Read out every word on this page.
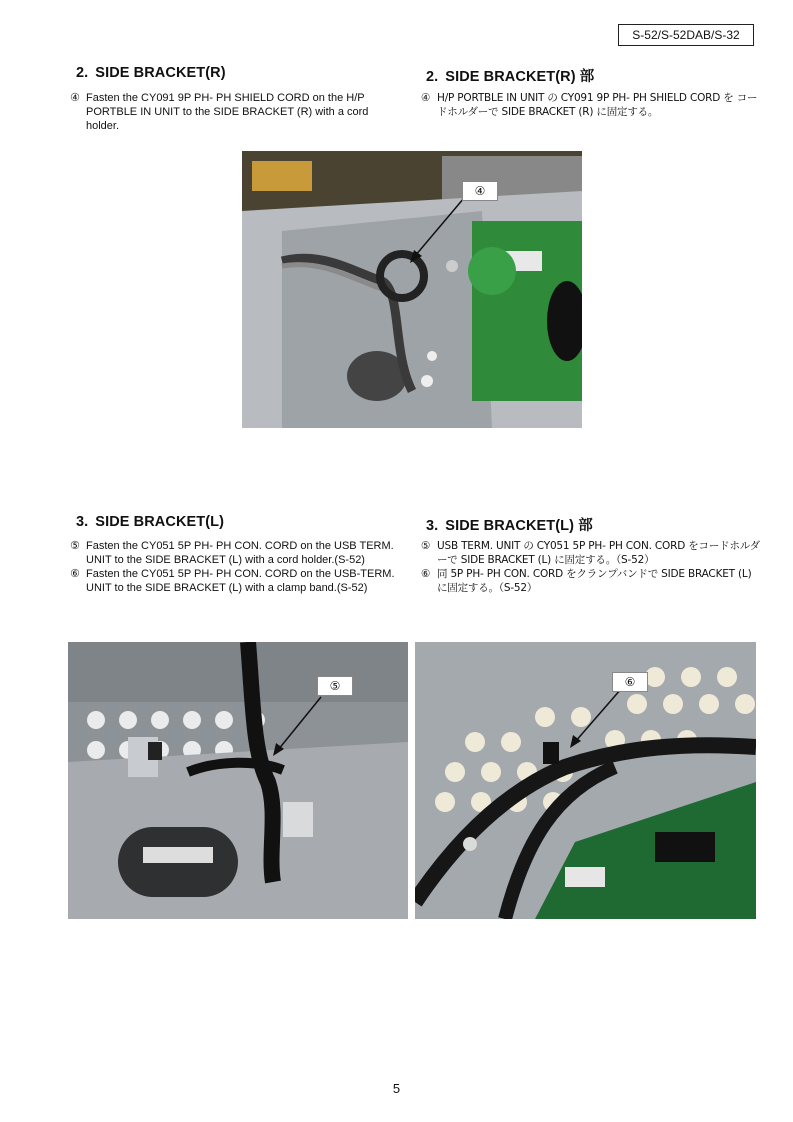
S-52/S-52DAB/S-32
2. SIDE BRACKET(R)
④ Fasten the CY091 9P PH- PH SHIELD CORD on the H/P PORTBLE IN UNIT to the SIDE BRACKET (R) with a cord holder.
2. SIDE BRACKET(R) 部
④ H/P PORTBLE IN UNIT の CY091 9P PH- PH SHIELD CORD を コードホルダーで SIDE BRACKET (R) に固定する。
④
3. SIDE BRACKET(L)
⑤ Fasten the CY051 5P PH- PH CON. CORD on the USB TERM. UNIT to the SIDE BRACKET (L) with a cord holder.(S-52)
⑥ Fasten the CY051 5P PH- PH CON. CORD on the USB-TERM. UNIT to the SIDE BRACKET (L) with a clamp band.(S-52)
3. SIDE BRACKET(L) 部
⑤ USB TERM. UNIT の CY051 5P PH- PH CON. CORD をコードホルダーで SIDE BRACKET (L) に固定する。（S-52）
⑥ 同 5P PH- PH CON. CORD をクランプバンドで SIDE BRACKET (L) に固定する。（S-52）
⑤	⑥
5
